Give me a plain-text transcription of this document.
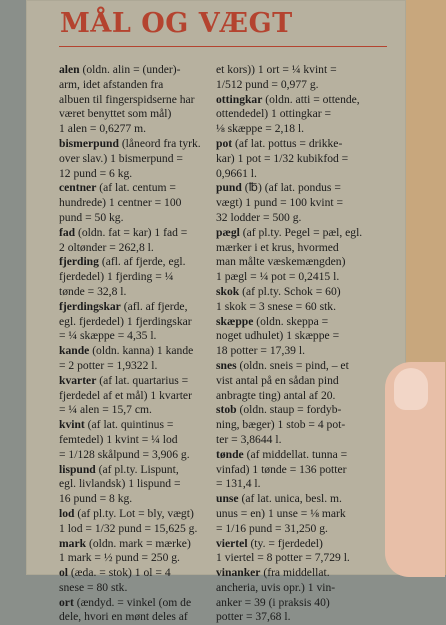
MÅL OG VÆGT
alen (oldn. alin = (under)-
arm, idet afstanden fra
albuen til fingerspidserne har
været benyttet som mål)
1 alen = 0,6277 m.
bismerpund (låneord fra tyrk.
over slav.) 1 bismerpund =
12 pund = 6 kg.
centner (af lat. centum =
hundrede) 1 centner = 100
pund = 50 kg.
fad (oldn. fat = kar) 1 fad =
2 oltønder = 262,8 l.
fjerding (afl. af fjerde, egl.
fjerdedel) 1 fjerding = ¼
tønde = 32,8 l.
fjerdingskar (afl. af fjerde,
egl. fjerdedel) 1 fjerdingskar
= ¼ skæppe = 4,35 l.
kande (oldn. kanna) 1 kande
= 2 potter = 1,9322 l.
kvarter (af lat. quartarius =
fjerdedel af et mål) 1 kvarter
= ¼ alen = 15,7 cm.
kvint (af lat. quintinus =
femtedel) 1 kvint = ¼ lod
= 1/128 skålpund = 3,906 g.
lispund (af pl.ty. Lispunt,
egl. livlandsk) 1 lispund =
16 pund = 8 kg.
lod (af pl.ty. Lot = bly, vægt)
1 lod = 1/32 pund = 15,625 g.
mark (oldn. mark = mærke)
1 mark = ½ pund = 250 g.
ol (æda. = stok) 1 ol = 4
snese = 80 stk.
ort (ændyd. = vinkel (om de
dele, hvori en mønt deles af
et kors)) 1 ort = ¼ kvint =
1/512 pund = 0,977 g.
ottingkar (oldn. atti = ottende,
ottendedel) 1 ottingkar =
⅛ skæppe = 2,18 l.
pot (af lat. pottus = drikke-
kar) 1 pot = 1/32 kubikfod =
0,9661 l.
pund (℔) (af lat. pondus =
vægt) 1 pund = 100 kvint =
32 lodder = 500 g.
pægl (af pl.ty. Pegel = pæl, egl.
mærker i et krus, hvormed
man målte væskemængden)
1 pægl = ¼ pot = 0,2415 l.
skok (af pl.ty. Schok = 60)
1 skok = 3 snese = 60 stk.
skæppe (oldn. skeppa =
noget udhulet) 1 skæppe =
18 potter = 17,39 l.
snes (oldn. sneis = pind, – et
vist antal på en sådan pind
anbragte ting) antal af 20.
stob (oldn. staup = fordyb-
ning, bæger) 1 stob = 4 pot-
ter = 3,8644 l.
tønde (af middellat. tunna =
vinfad) 1 tønde = 136 potter
= 131,4 l.
unse (af lat. unica, besl. m.
unus = en) 1 unse = ⅛ mark
= 1/16 pund = 31,250 g.
viertel (ty. = fjerdedel)
1 viertel = 8 potter = 7,729 l.
vinanker (fra middellat.
ancheria, uvis opr.) 1 vin-
anker = 39 (i praksis 40)
potter = 37,68 l.
